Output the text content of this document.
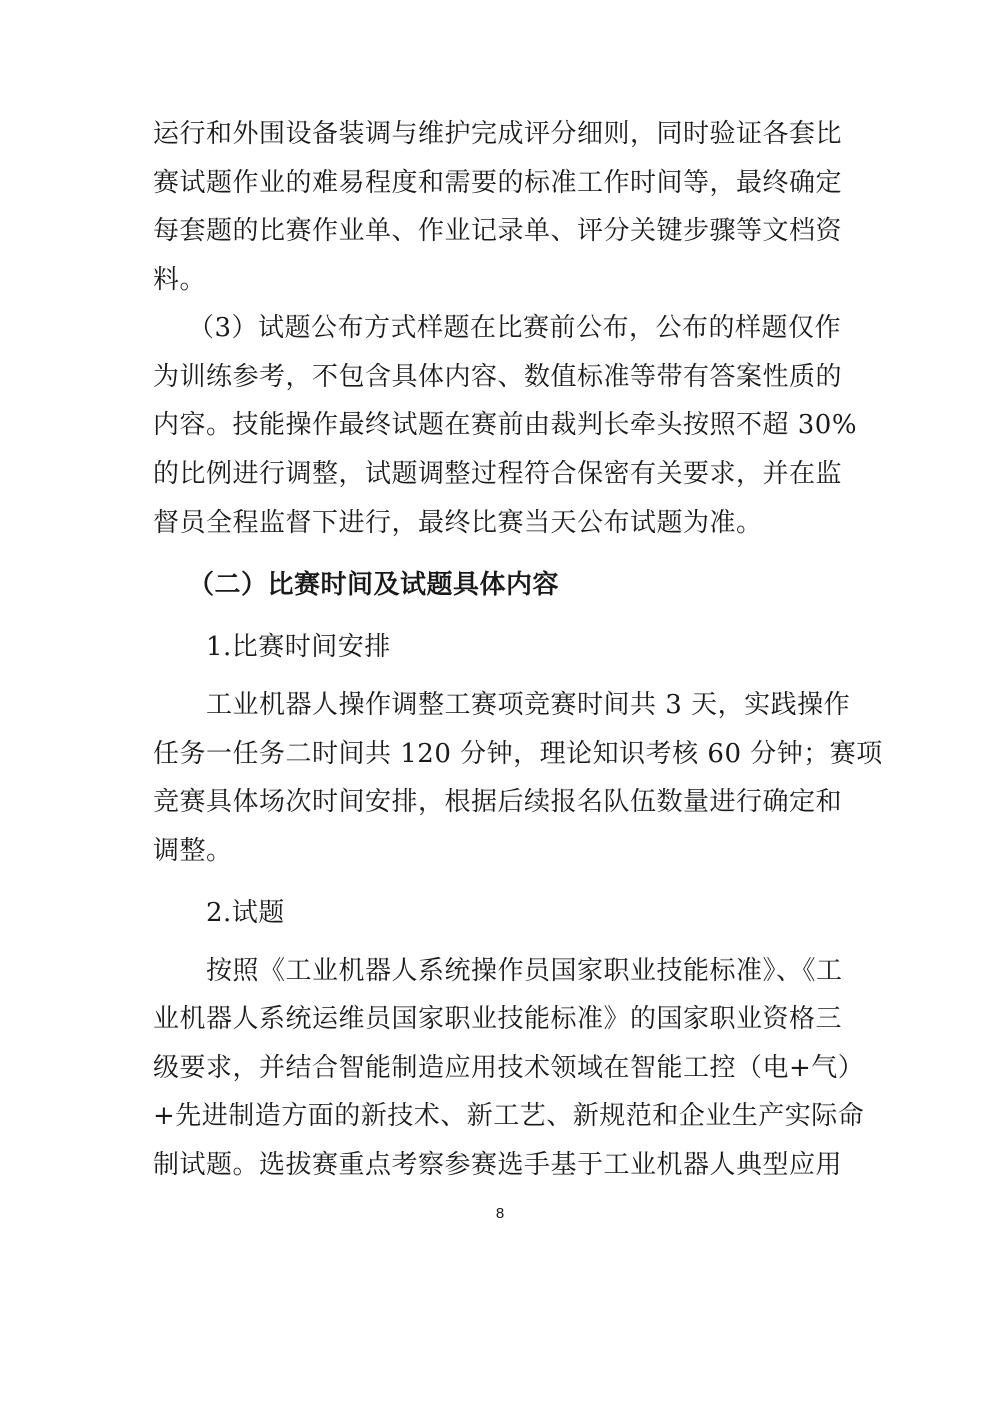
运行和外围设备装调与维护完成评分细则，同时验证各套比
赛试题作业的难易程度和需要的标准工作时间等，最终确定
每套题的比赛作业单、作业记录单、评分关键步骤等文档资
料。
（3）试题公布方式样题在比赛前公布，公布的样题仅作
为训练参考，不包含具体内容、数值标准等带有答案性质的
内容。技能操作最终试题在赛前由裁判长牵头按照不超 30%
的比例进行调整，试题调整过程符合保密有关要求，并在监
督员全程监督下进行，最终比赛当天公布试题为准。
（二）比赛时间及试题具体内容
1.比赛时间安排
工业机器人操作调整工赛项竞赛时间共 3 天，实践操作
任务一任务二时间共 120 分钟，理论知识考核 60 分钟；赛项
竞赛具体场次时间安排，根据后续报名队伍数量进行确定和
调整。
2.试题
按照《工业机器人系统操作员国家职业技能标准》、《工
业机器人系统运维员国家职业技能标准》的国家职业资格三
级要求，并结合智能制造应用技术领域在智能工控（电+气）
+先进制造方面的新技术、新工艺、新规范和企业生产实际命
制试题。选拔赛重点考察参赛选手基于工业机器人典型应用
8
